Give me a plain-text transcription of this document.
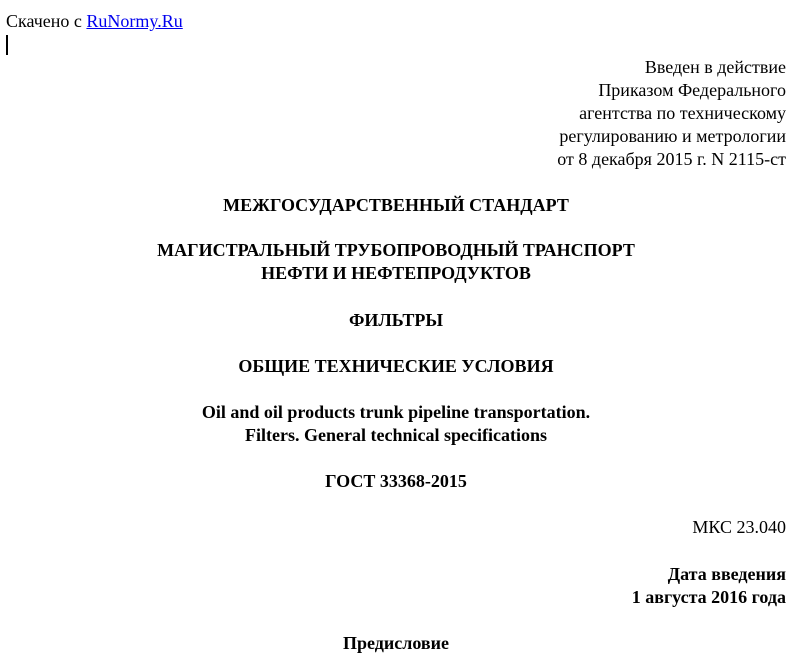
Скачено с RuNormy.Ru
Введен в действие
Приказом Федерального
агентства по техническому
регулированию и метрологии
от 8 декабря 2015 г. N 2115-ст
МЕЖГОСУДАРСТВЕННЫЙ СТАНДАРТ
МАГИСТРАЛЬНЫЙ ТРУБОПРОВОДНЫЙ ТРАНСПОРТ
НЕФТИ И НЕФТЕПРОДУКТОВ
ФИЛЬТРЫ
ОБЩИЕ ТЕХНИЧЕСКИЕ УСЛОВИЯ
Oil and oil products trunk pipeline transportation.
Filters. General technical specifications
ГОСТ 33368-2015
МКС 23.040
Дата введения
1 августа 2016 года
Предисловие
